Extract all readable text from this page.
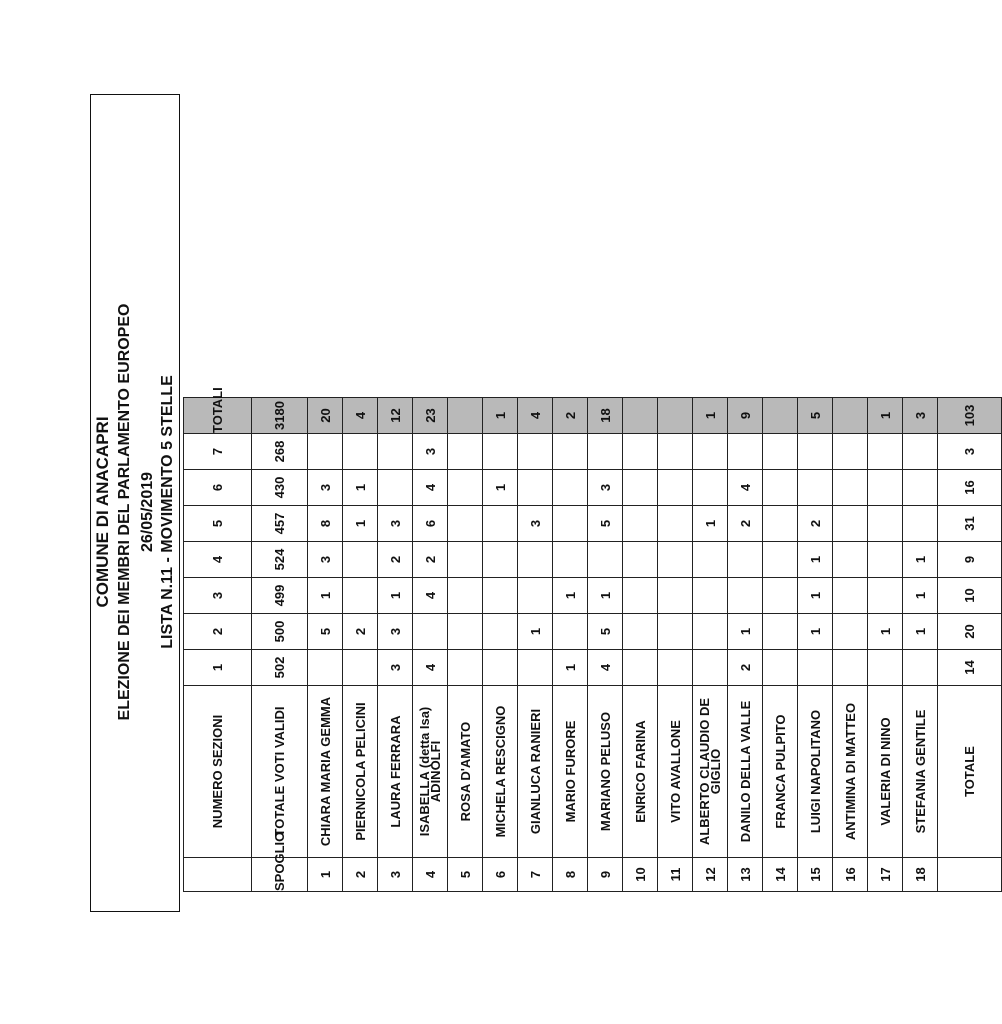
COMUNE DI ANACAPRI ELEZIONE DEI MEMBRI DEL PARLAMENTO EUROPEO 26/05/2019 LISTA N.11 - MOVIMENTO 5 STELLE
	NUMERO SEZIONI	1	2	3	4	5	6	7	TOTALI
SPOGLIO	TOTALE VOTI VALIDI	502	500	499	524	457	430	268	3180
1	CHIARA MARIA GEMMA		5	1	3	8	3		20
2	PIERNICOLA PELICINI		2			1	1		4
3	LAURA FERRARA	3	3	1	2	3			12
4	ISABELLA (detta Isa) ADINOLFI	4		4	2	6	4	3	23
5	ROSA D'AMATO								
6	MICHELA RESCIGNO						1		1
7	GIANLUCA RANIERI		1			3			4
8	MARIO FURORE	1		1					2
9	MARIANO PELUSO	4	5	1		5	3		18
10	ENRICO FARINA								
11	VITO AVALLONE								
12	ALBERTO CLAUDIO DE GIGLIO					1			1
13	DANILO DELLA VALLE	2	1			2	4		9
14	FRANCA PULPITO								
15	LUIGI NAPOLITANO		1	1	1	2			5
16	ANTIMINA DI MATTEO								
17	VALERIA DI NINO		1						1
18	STEFANIA GENTILE		1	1	1				3
	TOTALE	14	20	10	9	31	16	3	103
